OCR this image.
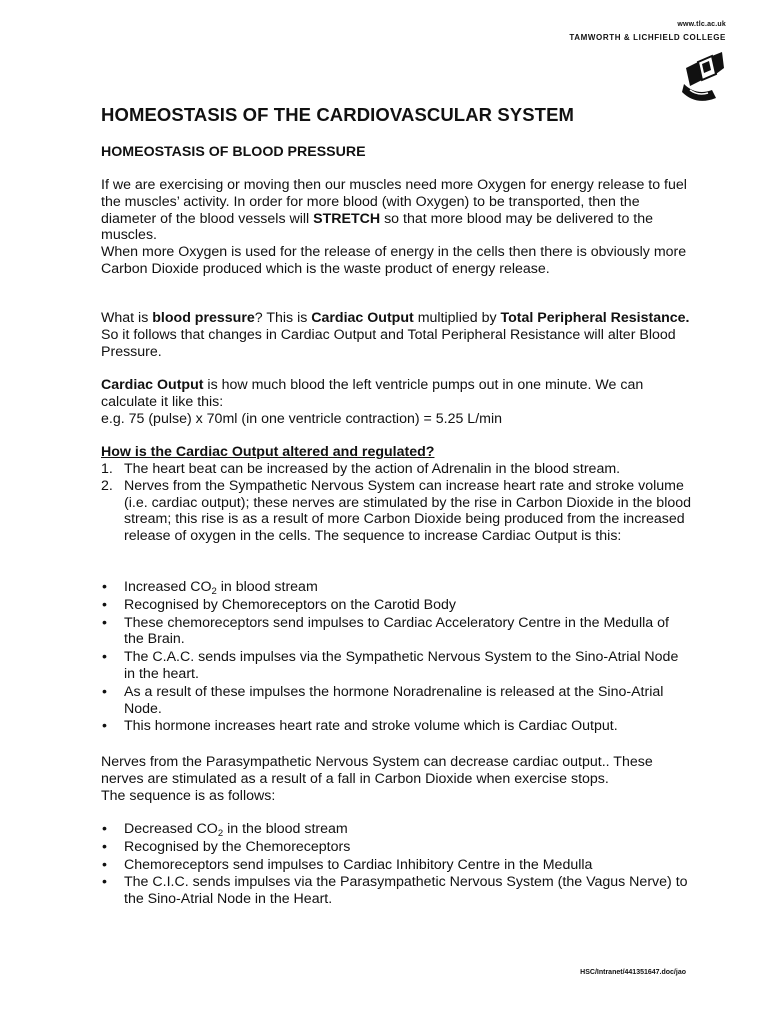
www.tlc.ac.uk
TAMWORTH & LICHFIELD COLLEGE
HOMEOSTASIS OF THE CARDIOVASCULAR SYSTEM
HOMEOSTASIS OF BLOOD PRESSURE
If we are exercising or moving then our muscles need more Oxygen for energy release to fuel the muscles’ activity. In order for more blood (with Oxygen) to be transported, then the diameter of the blood vessels will STRETCH so that more blood may be delivered to the muscles.
When more Oxygen is used for the release of energy in the cells then there is obviously more Carbon Dioxide produced which is the waste product of energy release.
What is blood pressure? This is Cardiac Output multiplied by Total Peripheral Resistance. So it follows that changes in Cardiac Output and Total Peripheral Resistance will alter Blood Pressure.
Cardiac Output is how much blood the left ventricle pumps out in one minute. We can calculate it like this:
e.g. 75 (pulse) x 70ml (in one ventricle contraction) = 5.25 L/min
How is the Cardiac Output altered and regulated?
1. The heart beat can be increased by the action of Adrenalin in the blood stream.
2. Nerves from the Sympathetic Nervous System can increase heart rate and stroke volume (i.e. cardiac output); these nerves are stimulated by the rise in Carbon Dioxide in the blood stream; this rise is as a result of more Carbon Dioxide being produced from the increased release of oxygen in the cells. The sequence to increase Cardiac Output is this:
• Increased $CO_2$ in blood stream
• Recognised by Chemoreceptors on the Carotid Body
• These chemoreceptors send impulses to Cardiac Acceleratory Centre in the Medulla of the Brain.
• The C.A.C. sends impulses via the Sympathetic Nervous System to the Sino-Atrial Node in the heart.
• As a result of these impulses the hormone Noradrenaline is released at the Sino-Atrial Node.
• This hormone increases heart rate and stroke volume which is Cardiac Output.
Nerves from the Parasympathetic Nervous System can decrease cardiac output.. These nerves are stimulated as a result of a fall in Carbon Dioxide when exercise stops.
The sequence is as follows:
• Decreased $CO_2$ in the blood stream
• Recognised by the Chemoreceptors
• Chemoreceptors send impulses to Cardiac Inhibitory Centre in the Medulla
• The C.I.C. sends impulses via the Parasympathetic Nervous System (the Vagus Nerve) to the Sino-Atrial Node in the Heart.
HSC/Intranet/441351647.doc/jao
